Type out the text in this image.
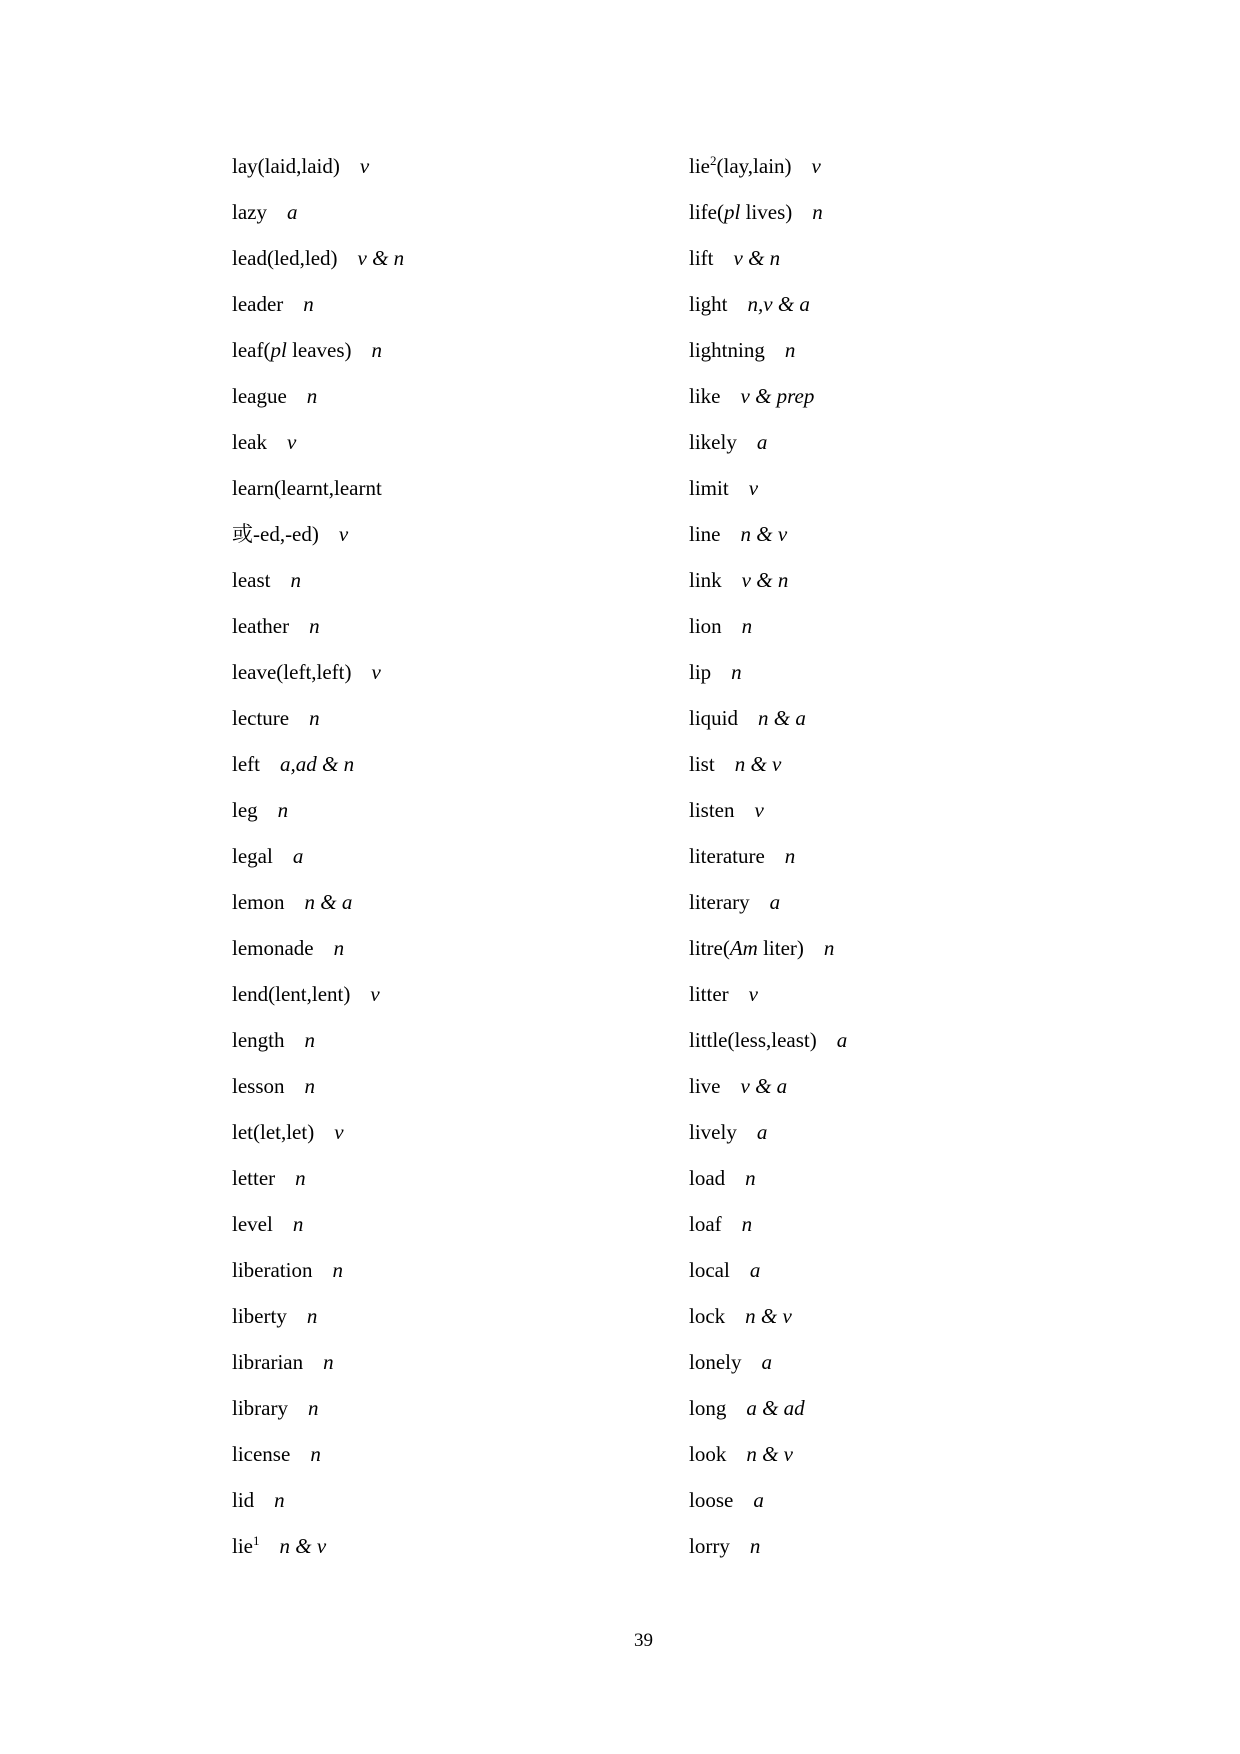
lay(laid,laid) v
lazy a
lead(led,led) v & n
leader n
leaf(pl leaves) n
league n
leak v
learn(learnt,learnt
或-ed,-ed) v
least n
leather n
leave(left,left) v
lecture n
left a,ad & n
leg n
legal a
lemon n & a
lemonade n
lend(lent,lent) v
length n
lesson n
let(let,let) v
letter n
level n
liberation n
liberty n
librarian n
library n
license n
lid n
lie$^1$ n & v
lie$^2$(lay,lain) v
life(pl lives) n
lift v & n
light n,v & a
lightning n
like v & prep
likely a
limit v
line n & v
link v & n
lion n
lip n
liquid n & a
list n & v
listen v
literature n
literary a
litre(Am liter) n
litter v
little(less,least) a
live v & a
lively a
load n
loaf n
local a
lock n & v
lonely a
long a & ad
look n & v
loose a
lorry n
39
